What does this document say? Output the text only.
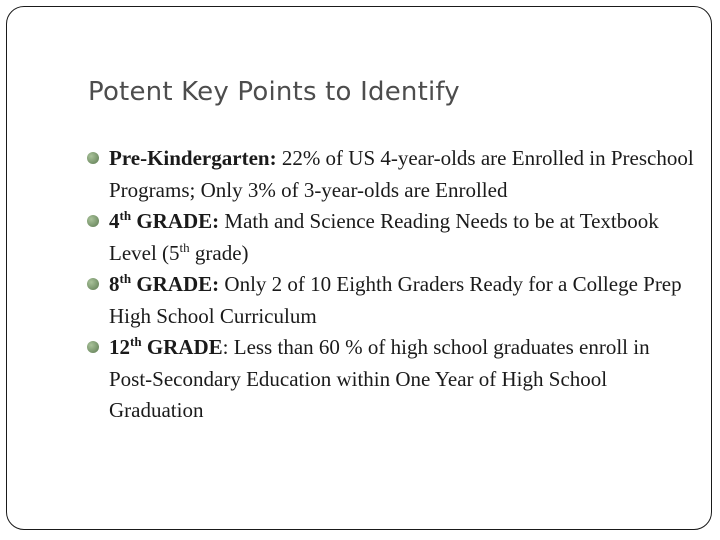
Potent Key Points to Identify
Pre-Kindergarten: 22% of US 4-year-olds are Enrolled in Preschool Programs; Only 3% of 3-year-olds are Enrolled
4th GRADE: Math and Science Reading Needs to be at Textbook Level (5th grade)
8th GRADE: Only 2 of 10 Eighth Graders Ready for a College Prep High School Curriculum
12th GRADE: Less than 60 % of high school graduates enroll in Post-Secondary Education within One Year of High School Graduation
